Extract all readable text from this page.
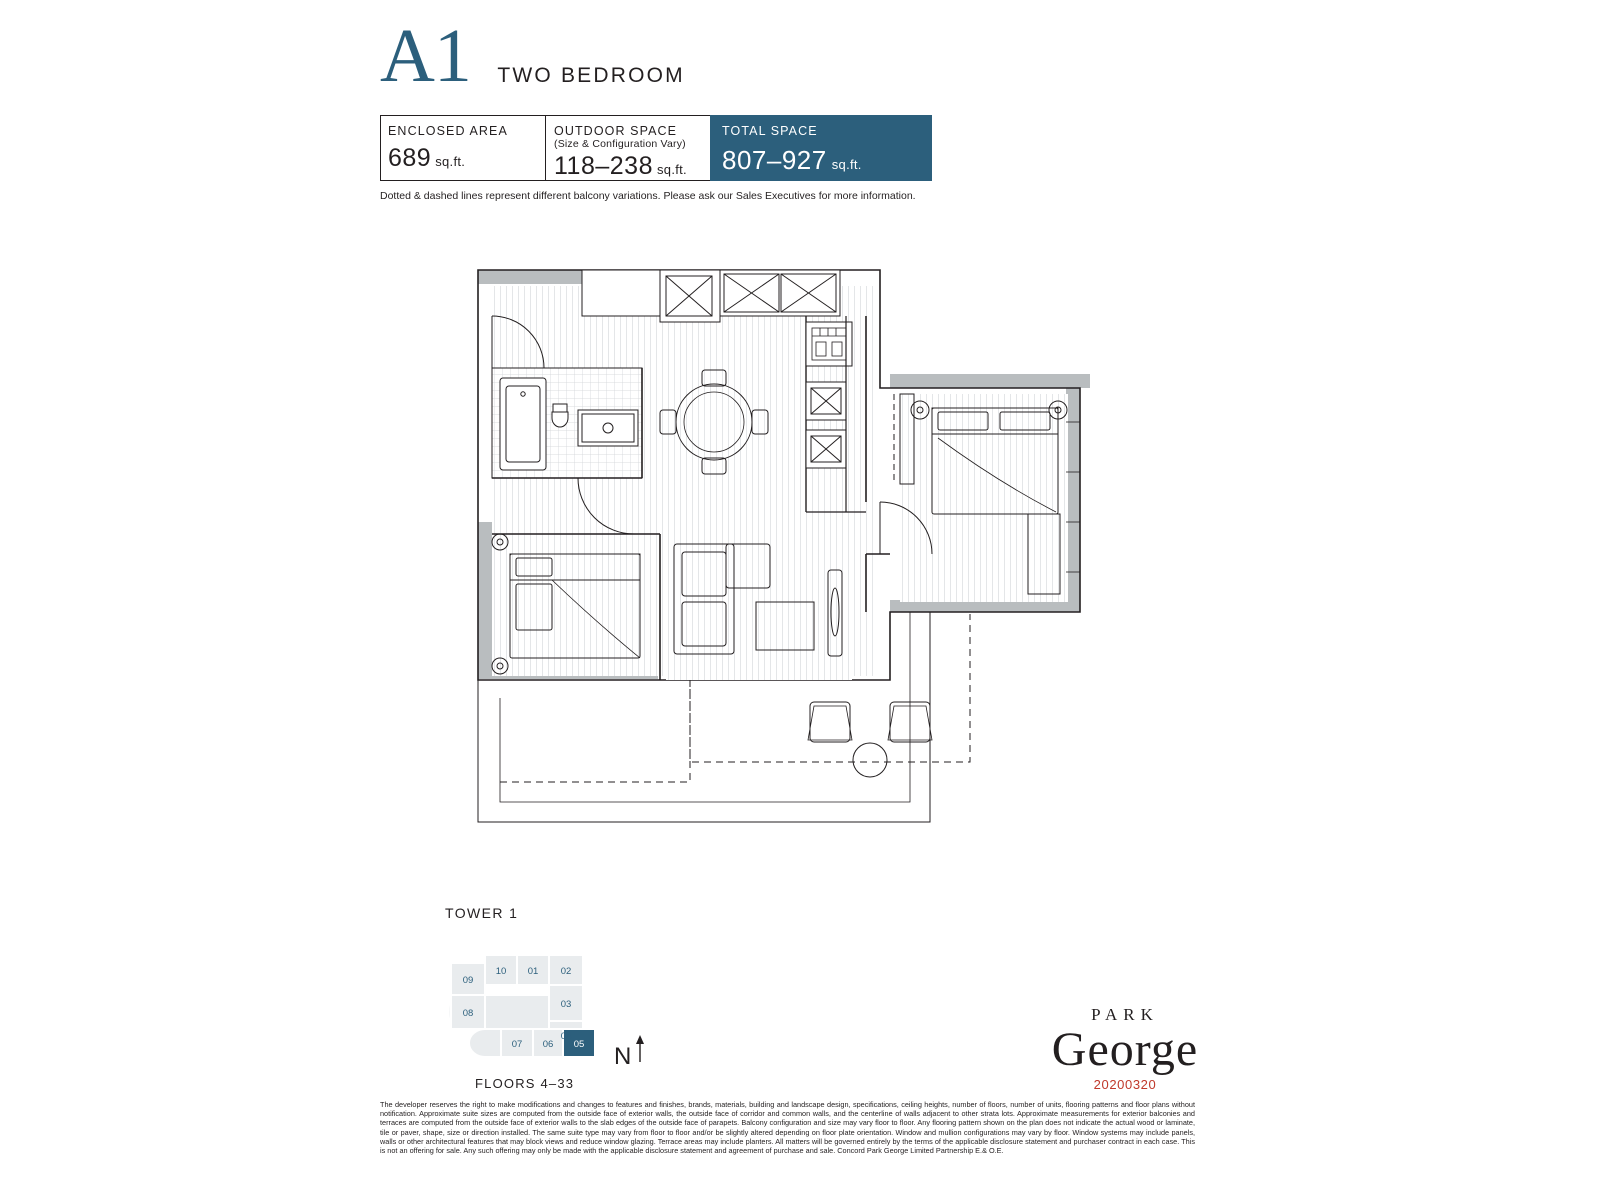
A1 TWO BEDROOM
ENCLOSED AREA
689 sq.ft.
OUTDOOR SPACE
(Size & Configuration Vary)
118–238 sq.ft.
TOTAL SPACE
807–927 sq.ft.
Dotted & dashed lines represent different balcony variations. Please ask our Sales Executives for more information.
TOWER 1
09
10 01 02
03
04
08
07 06 05
FLOORS 4–33
N
PARK
George
20200320
The developer reserves the right to make modifications and changes to features and finishes, brands, materials, building and landscape design, specifications, ceiling heights, number of floors, number of units, flooring patterns and floor plans without notification. Approximate suite sizes are computed from the outside face of exterior walls, the outside face of corridor and common walls, and the centerline of walls adjacent to other strata lots. Approximate measurements for exterior balconies and terraces are computed from the outside face of exterior walls to the slab edges of the outside face of parapets. Balcony configuration and size may vary floor to floor. Any flooring pattern shown on the plan does not indicate the actual wood or laminate, tile or paver, shape, size or direction installed. The same suite type may vary from floor to floor and/or be slightly altered depending on floor plate orientation. Window and mullion configurations may vary by floor. Window systems may include panels, walls or other architectural features that may block views and reduce window glazing. Terrace areas may include planters. All matters will be governed entirely by the terms of the applicable disclosure statement and purchaser contract in each case. This is not an offering for sale. Any such offering may only be made with the applicable disclosure statement and agreement of purchase and sale. Concord Park George Limited Partnership E.& O.E.
